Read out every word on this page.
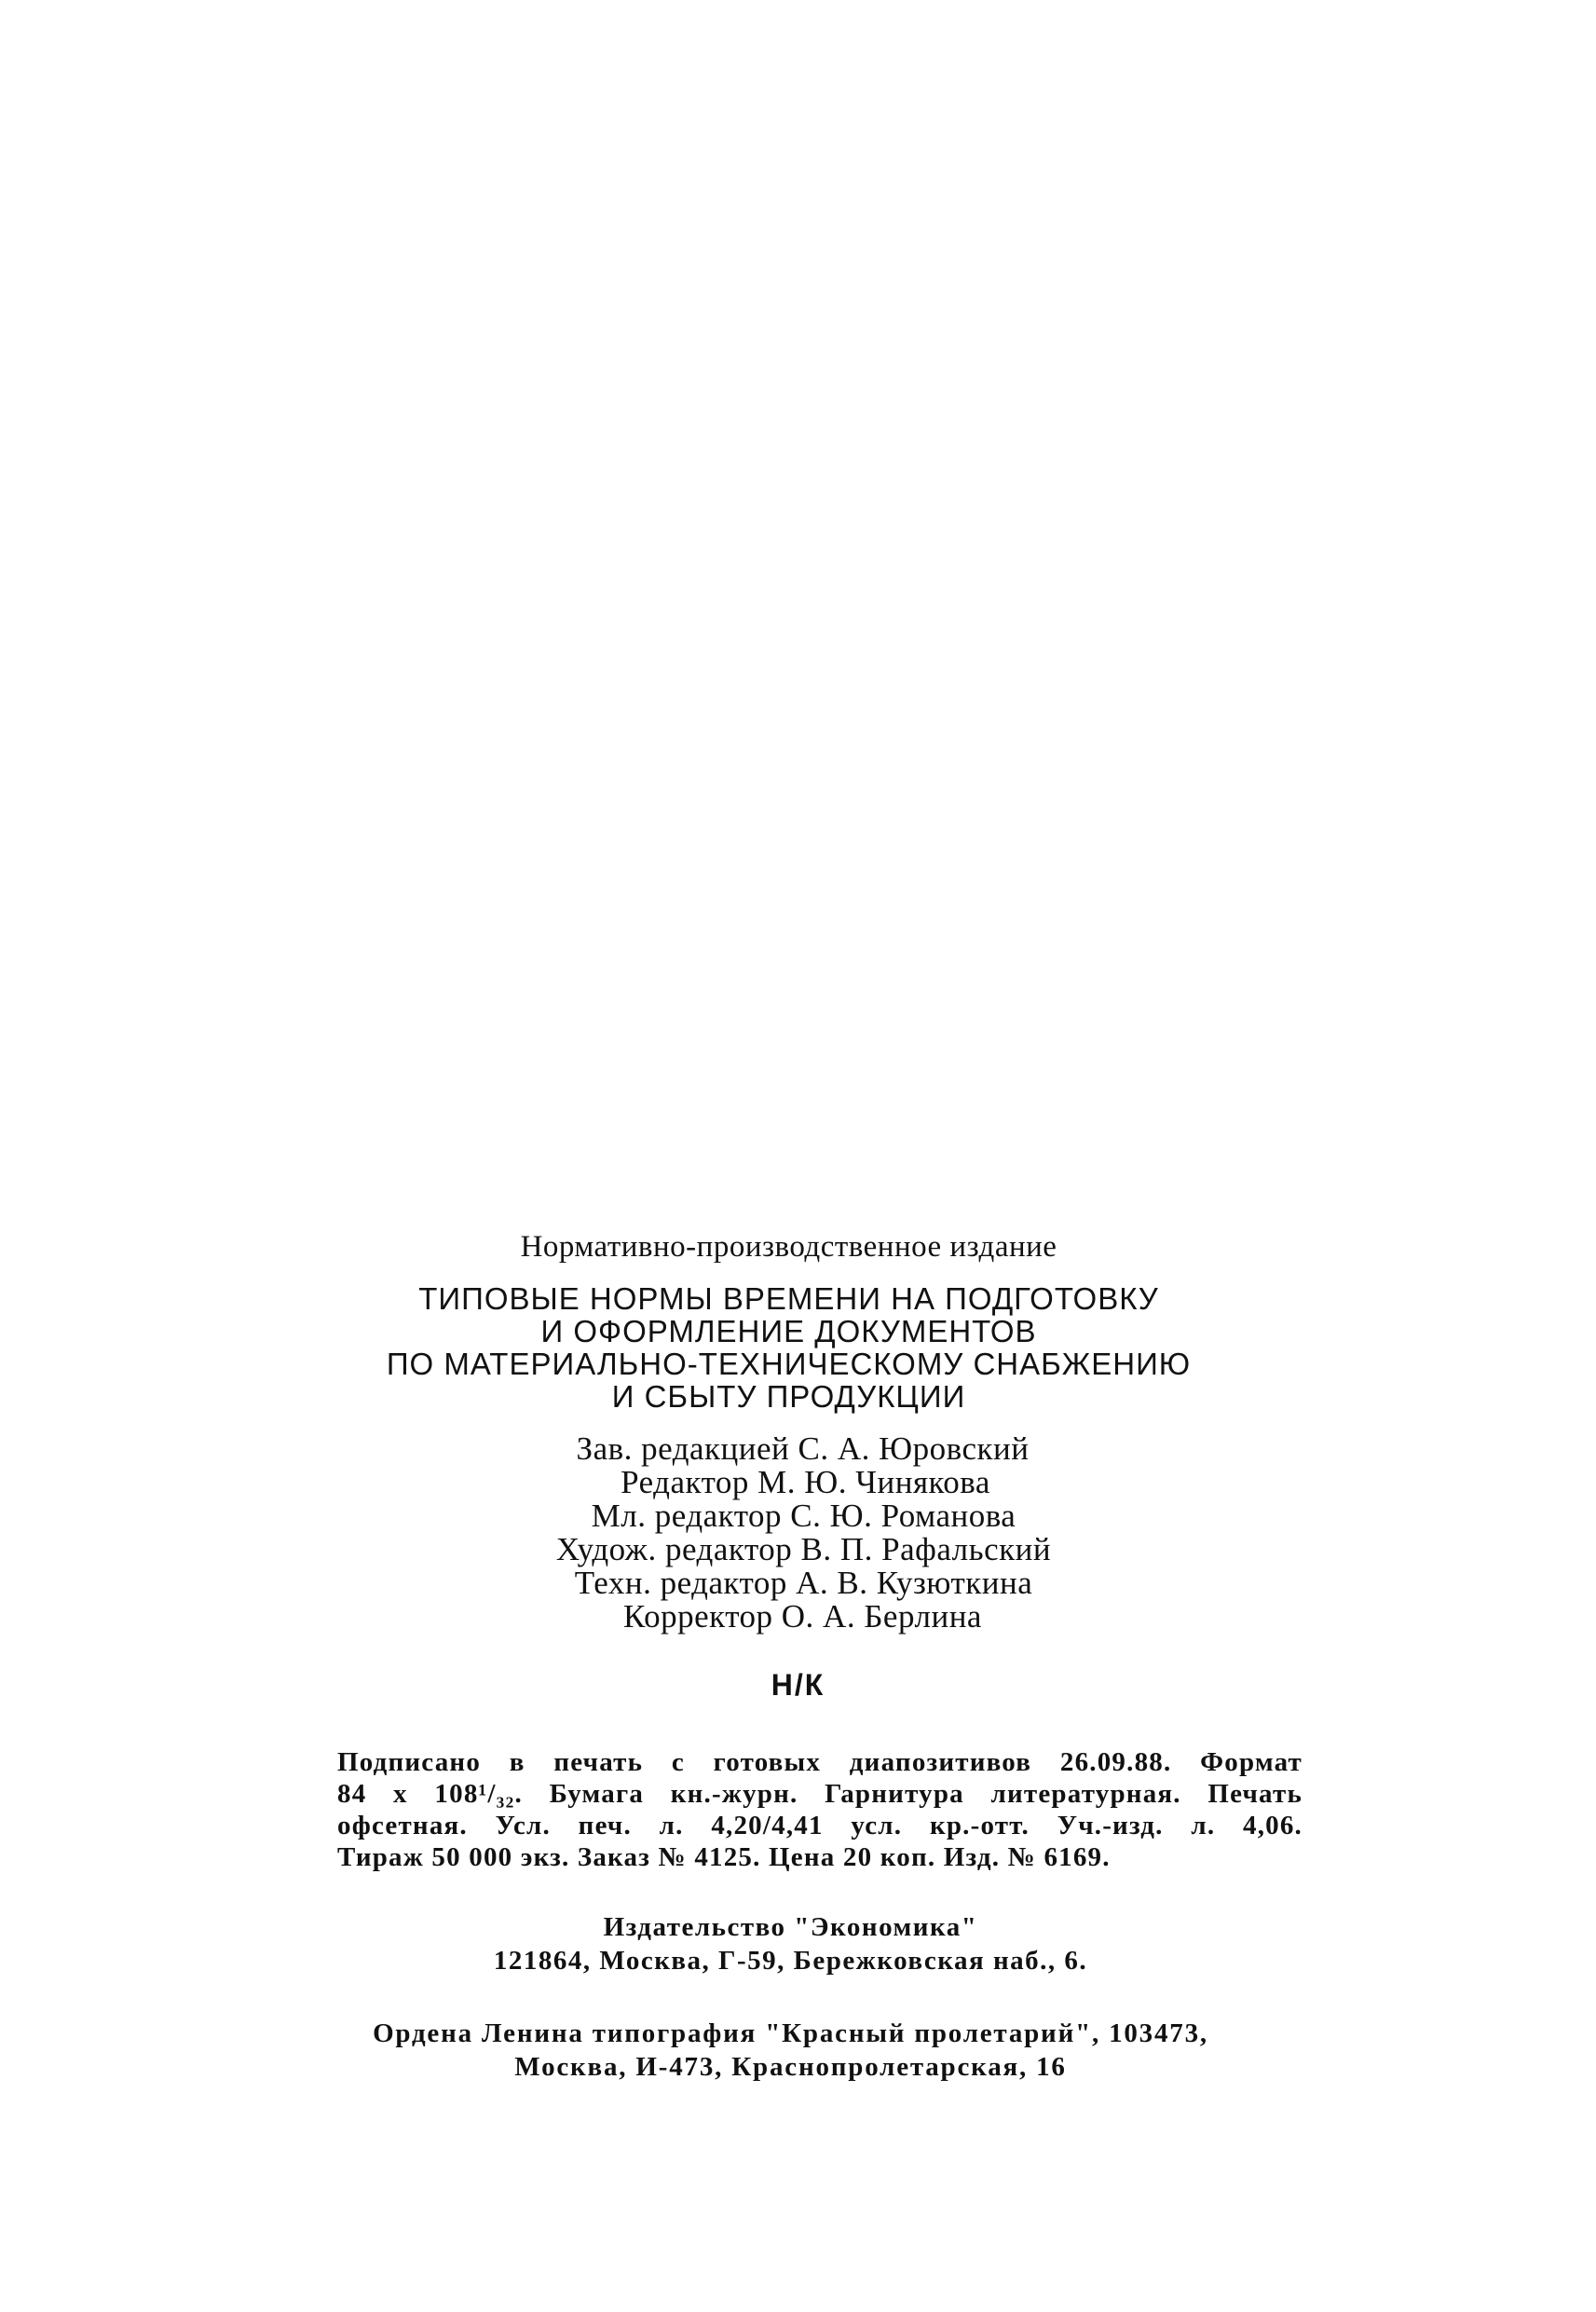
Нормативно-производственное издание
ТИПОВЫЕ НОРМЫ ВРЕМЕНИ НА ПОДГОТОВКУ
И ОФОРМЛЕНИЕ ДОКУМЕНТОВ
ПО МАТЕРИАЛЬНО-ТЕХНИЧЕСКОМУ СНАБЖЕНИЮ
И СБЫТУ ПРОДУКЦИИ
Зав. редакцией С. А. Юровский
Редактор М. Ю. Чинякова
Мл. редактор С. Ю. Романова
Худож. редактор В. П. Рафальский
Техн. редактор А. В. Кузюткина
Корректор О. А. Берлина
Н/К
Подписано в печать с готовых диапозитивов 26.09.88. Формат
84 х 108¹/₃₂. Бумага кн.-журн. Гарнитура литературная. Печать
офсетная. Усл. печ. л. 4,20/4,41 усл. кр.-отт. Уч.-изд. л. 4,06.
Тираж 50 000 экз. Заказ № 4125. Цена 20 коп. Изд. № 6169.
Издательство "Экономика"
121864, Москва, Г-59, Бережковская наб., 6.
Ордена Ленина типография "Красный пролетарий", 103473,
Москва, И-473, Краснопролетарская, 16
